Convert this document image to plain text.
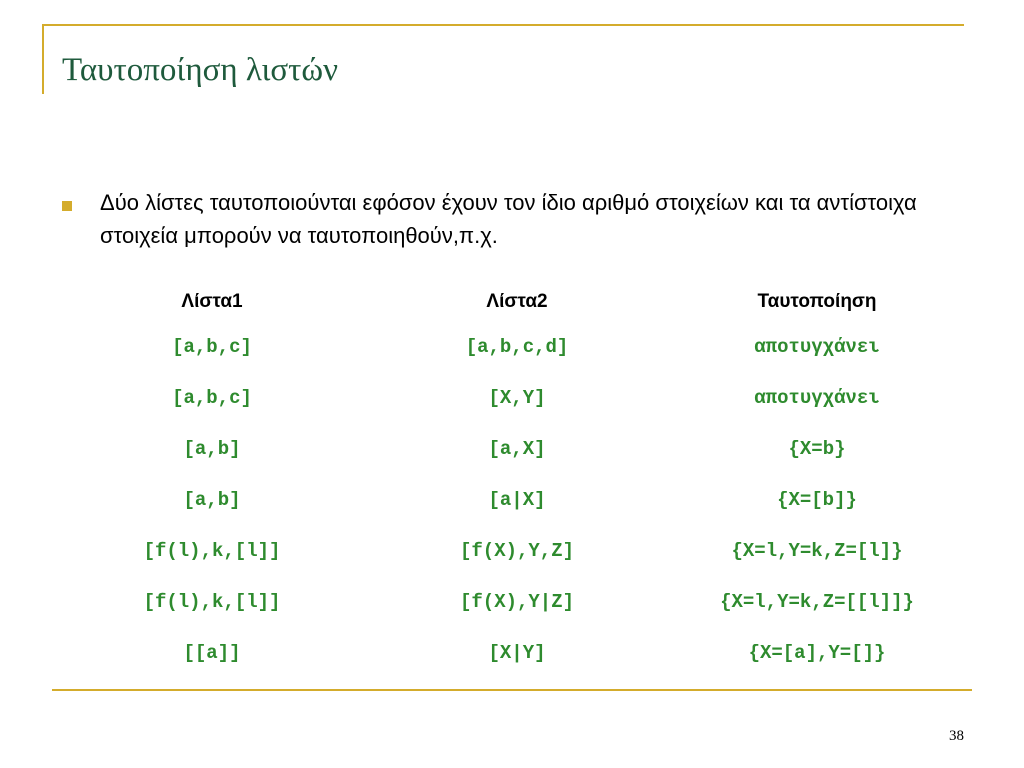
Ταυτοποίηση λιστών

Δύο λίστες ταυτοποιούνται εφόσον έχουν τον ίδιο αριθμό στοιχείων και τα αντίστοιχα στοιχεία μπορούν να ταυτοποιηθούν,π.χ.

Λίστα1	Λίστα2	Ταυτοποίηση
[a,b,c]	[a,b,c,d]	αποτυγχάνει
[a,b,c]	[X,Y]	αποτυγχάνει
[a,b]	[a,X]	{X=b}
[a,b]	[a|X]	{X=[b]}
[f(l),k,[l]]	[f(X),Y,Z]	{X=l,Y=k,Z=[l]}
[f(l),k,[l]]	[f(X),Y|Z]	{X=l,Y=k,Z=[[l]]}
[[a]]	[X|Y]	{X=[a],Y=[]}
38
